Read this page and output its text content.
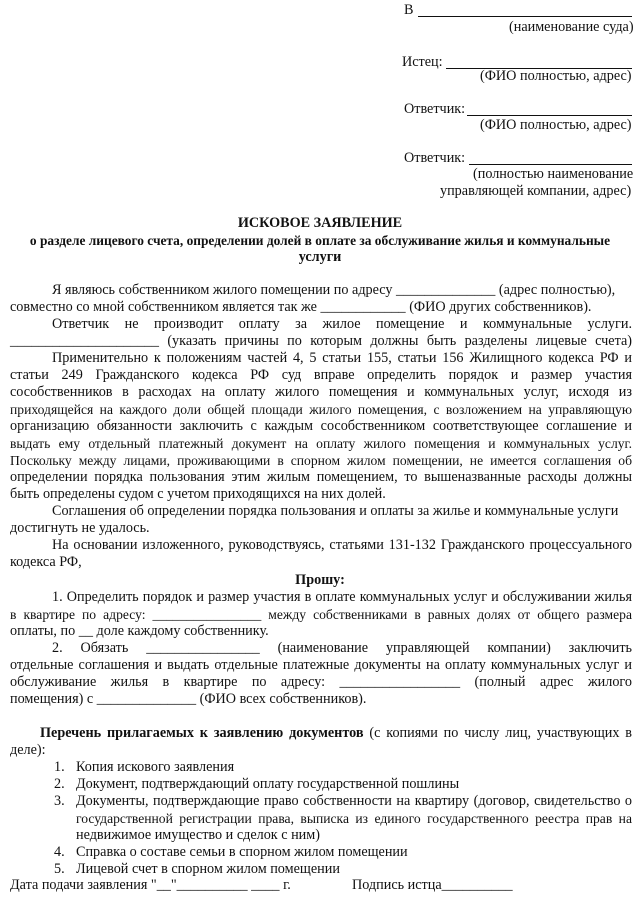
В
(наименование суда)
Истец:
(ФИО полностью, адрес)
Ответчик:
(ФИО полностью, адрес)
Ответчик:
(полностью наименование
управляющей компании, адрес)
ИСКОВОЕ ЗАЯВЛЕНИЕ
о разделе лицевого счета, определении долей в оплате за обслуживание жилья и коммунальные
услуги
Я являюсь собственником жилого помещении по адресу ______________ (адрес полностью),
совместно со мной собственником является так же ____________ (ФИО других собственников).
Ответчик не производит оплату за жилое помещение и коммунальные услуги.
_____________________ (указать причины по которым должны быть разделены лицевые счета)
Применительно к положениям частей 4, 5 статьи 155, статьи 156 Жилищного кодекса РФ и
статьи 249 Гражданского кодекса РФ суд вправе определить порядок и размер участия
сособственников в расходах на оплату жилого помещения и коммунальных услуг, исходя из
приходящейся на каждого доли общей площади жилого помещения, с возложением на управляющую
организацию обязанности заключить с каждым сособственником соответствующее соглашение и
выдать ему отдельный платежный документ на оплату жилого помещения и коммунальных услуг.
Поскольку между лицами, проживающими в спорном жилом помещении, не имеется соглашения об
определении порядка пользования этим жилым помещением, то вышеназванные расходы должны
быть определены судом с учетом приходящихся на них долей.
Соглашения об определении порядка пользования и оплаты за жилье и коммунальные услуги
достигнуть не удалось.
На основании изложенного, руководствуясь, статьями 131-132 Гражданского процессуального
кодекса РФ,
Прошу:
1. Определить порядок и размер участия в оплате коммунальных услуг и обслуживании жилья
в квартире по адресу: ________________ между собственниками в равных долях от общего размера
оплаты, по __ доле каждому собственнику.
2. Обязать ________________ (наименование управляющей компании) заключить
отдельные соглашения и выдать отдельные платежные документы на оплату коммунальных услуг и
обслуживание жилья в квартире по адресу: _________________ (полный адрес жилого
помещения) с ______________ (ФИО всех собственников).
Перечень прилагаемых к заявлению документов (с копиями по числу лиц, участвующих в
деле):
1. Копия искового заявления
2. Документ, подтверждающий оплату государственной пошлины
3. Документы, подтверждающие право собственности на квартиру (договор, свидетельство о
государственной регистрации права, выписка из единого государственного реестра прав на
недвижимое имущество и сделок с ним)
4. Справка о составе семьи в спорном жилом помещении
5. Лицевой счет в спорном жилом помещении
Дата подачи заявления "__"__________ ____ г.	Подпись истца__________
